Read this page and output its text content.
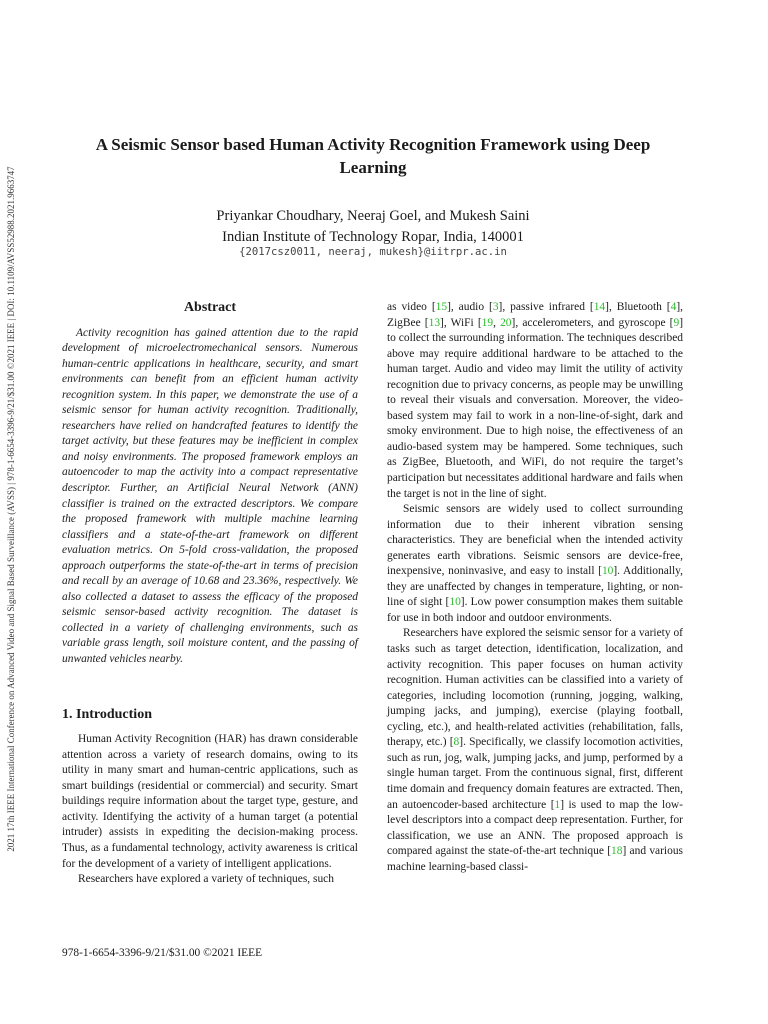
2021 17th IEEE International Conference on Advanced Video and Signal Based Surveillance (AVSS) | 978-1-6654-3396-9/21/$31.00 ©2021 IEEE | DOI: 10.1109/AVSS52988.2021.9663747
A Seismic Sensor based Human Activity Recognition Framework using Deep Learning
Priyankar Choudhary, Neeraj Goel, and Mukesh Saini
Indian Institute of Technology Ropar, India, 140001
{2017csz0011, neeraj, mukesh}@iitrpr.ac.in
Abstract

Activity recognition has gained attention due to the rapid development of microelectromechanical sensors. Numerous human-centric applications in healthcare, security, and smart environments can benefit from an efficient human activity recognition system. In this paper, we demonstrate the use of a seismic sensor for human activity recognition. Traditionally, researchers have relied on handcrafted features to identify the target activity, but these features may be inefficient in complex and noisy environments. The proposed framework employs an autoencoder to map the activity into a compact representative descriptor. Further, an Artificial Neural Network (ANN) classifier is trained on the extracted descriptors. We compare the proposed framework with multiple machine learning classifiers and a state-of-the-art framework on different evaluation metrics. On 5-fold cross-validation, the proposed approach outperforms the state-of-the-art in terms of precision and recall by an average of 10.68 and 23.36%, respectively. We also collected a dataset to assess the efficacy of the proposed seismic sensor-based activity recognition. The dataset is collected in a variety of challenging environments, such as variable grass length, soil moisture content, and the passing of unwanted vehicles nearby.

1. Introduction

Human Activity Recognition (HAR) has drawn considerable attention across a variety of research domains, owing to its utility in many smart and human-centric applications, such as smart buildings (residential or commercial) and security. Smart buildings require information about the target type, gesture, and activity. Identifying the activity of a human target (a potential intruder) assists in expediting the decision-making process. Thus, as a fundamental technology, activity awareness is critical for the development of a variety of intelligent applications.

Researchers have explored a variety of techniques, such

as video [15], audio [3], passive infrared [14], Bluetooth [4], ZigBee [13], WiFi [19, 20], accelerometers, and gyroscope [9] to collect the surrounding information. The techniques described above may require additional hardware to be attached to the human target. Audio and video may limit the utility of activity recognition due to privacy concerns, as people may be unwilling to reveal their visuals and conversation. Moreover, the video-based system may fail to work in a non-line-of-sight, dark and smoky environment. Due to high noise, the effectiveness of an audio-based system may be hampered. Some techniques, such as ZigBee, Bluetooth, and WiFi, do not require the target’s participation but necessitates additional hardware and fails when the target is not in the line of sight.

Seismic sensors are widely used to collect surrounding information due to their inherent vibration sensing characteristics. They are beneficial when the intended activity generates earth vibrations. Seismic sensors are device-free, inexpensive, noninvasive, and easy to install [10]. Additionally, they are unaffected by changes in temperature, lighting, or non-line of sight [10]. Low power consumption makes them suitable for use in both indoor and outdoor environments.

Researchers have explored the seismic sensor for a variety of tasks such as target detection, identification, localization, and activity recognition. This paper focuses on human activity recognition. Human activities can be classified into a variety of categories, including locomotion (running, jogging, walking, jumping jacks, and jumping), exercise (playing football, cycling, etc.), and health-related activities (rehabilitation, falls, therapy, etc.) [8]. Specifically, we classify locomotion activities, such as run, jog, walk, jumping jacks, and jump, performed by a single human target. From the continuous signal, first, different time domain and frequency domain features are extracted. Then, an autoencoder-based architecture [1] is used to map the low-level descriptors into a compact deep representation. Further, for classification, we use an ANN. The proposed approach is compared against the state-of-the-art technique [18] and various machine learning-based classi-

978-1-6654-3396-9/21/$31.00 ©2021 IEEE
